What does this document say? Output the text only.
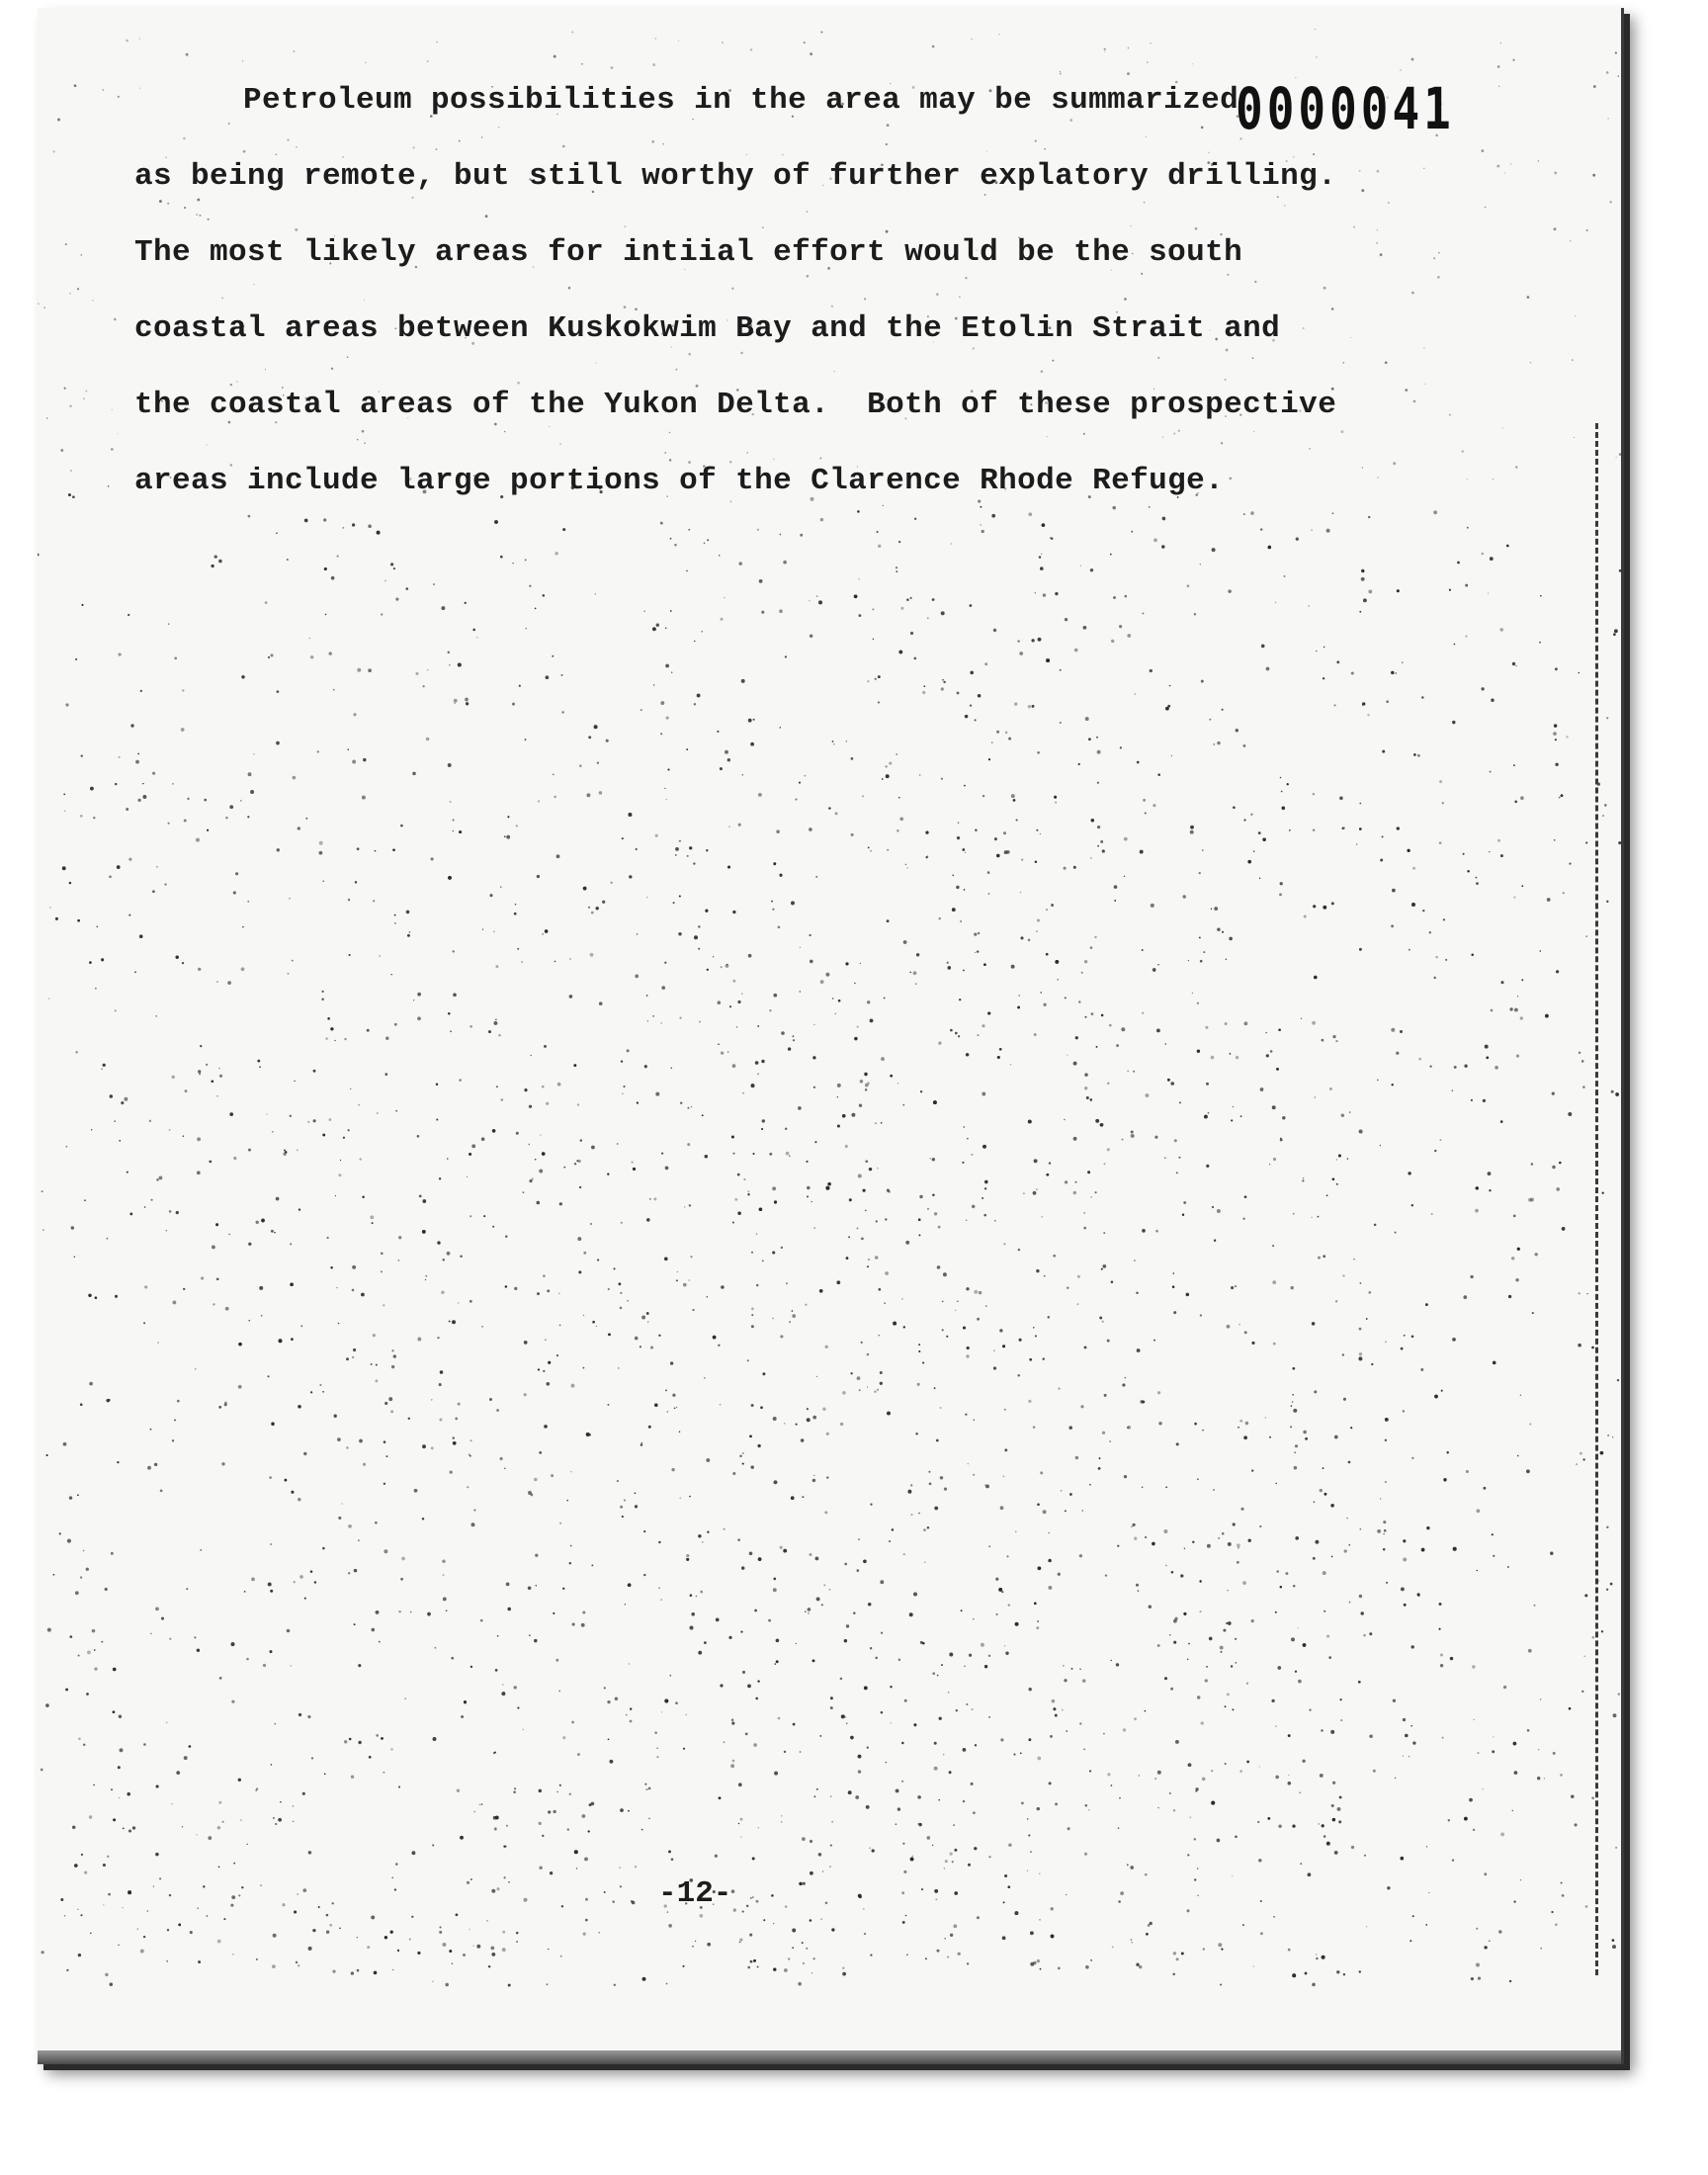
0000041
Petroleum possibilities in the area may be summarized
as being remote, but still worthy of further explatory drilling.
The most likely areas for intiial effort would be the south
coastal areas between Kuskokwim Bay and the Etolin Strait and
the coastal areas of the Yukon Delta.  Both of these prospective
areas include large portions of the Clarence Rhode Refuge.
-12-
